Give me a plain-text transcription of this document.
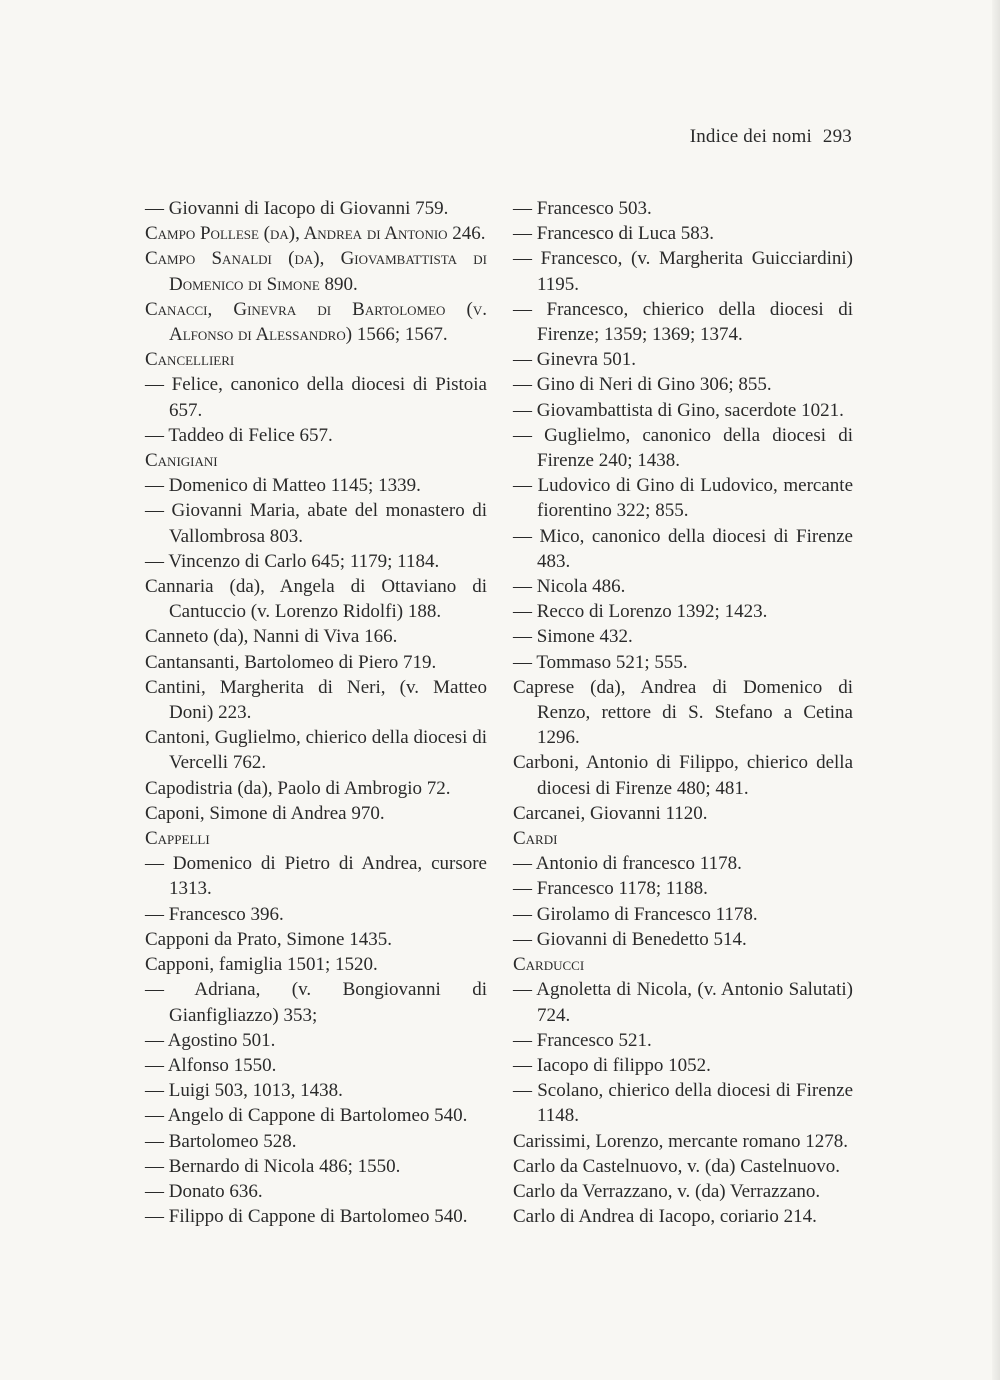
Indice dei nomi 293
— Giovanni di Iacopo di Giovanni 759.
Campo Pollese (da), Andrea di Antonio 246.
Campo Sanaldi (da), Giovambattista di Domenico di Simone 890.
Canacci, Ginevra di Bartolomeo (v. Alfonso di Alessandro) 1566; 1567.
Cancellieri
— Felice, canonico della diocesi di Pistoia 657.
— Taddeo di Felice 657.
Canigiani
— Domenico di Matteo 1145; 1339.
— Giovanni Maria, abate del monastero di Vallombrosa 803.
— Vincenzo di Carlo 645; 1179; 1184.
Cannaria (da), Angela di Ottaviano di Cantuccio (v. Lorenzo Ridolfi) 188.
Canneto (da), Nanni di Viva 166.
Cantansanti, Bartolomeo di Piero 719.
Cantini, Margherita di Neri, (v. Matteo Doni) 223.
Cantoni, Guglielmo, chierico della diocesi di Vercelli 762.
Capodistria (da), Paolo di Ambrogio 72.
Caponi, Simone di Andrea 970.
Cappelli
— Domenico di Pietro di Andrea, cursore 1313.
— Francesco 396.
Capponi da Prato, Simone 1435.
Capponi, famiglia 1501; 1520.
— Adriana, (v. Bongiovanni di Gianfigliazzo) 353;
— Agostino 501.
— Alfonso 1550.
— Luigi 503, 1013, 1438.
— Angelo di Cappone di Bartolomeo 540.
— Bartolomeo 528.
— Bernardo di Nicola 486; 1550.
— Donato 636.
— Filippo di Cappone di Bartolomeo 540.
— Francesco 503.
— Francesco di Luca 583.
— Francesco, (v. Margherita Guicciardini) 1195.
— Francesco, chierico della diocesi di Firenze; 1359; 1369; 1374.
— Ginevra 501.
— Gino di Neri di Gino 306; 855.
— Giovambattista di Gino, sacerdote 1021.
— Guglielmo, canonico della diocesi di Firenze 240; 1438.
— Ludovico di Gino di Ludovico, mercante fiorentino 322; 855.
— Mico, canonico della diocesi di Firenze 483.
— Nicola 486.
— Recco di Lorenzo 1392; 1423.
— Simone 432.
— Tommaso 521; 555.
Caprese (da), Andrea di Domenico di Renzo, rettore di S. Stefano a Cetina 1296.
Carboni, Antonio di Filippo, chierico della diocesi di Firenze 480; 481.
Carcanei, Giovanni 1120.
Cardi
— Antonio di francesco 1178.
— Francesco 1178; 1188.
— Girolamo di Francesco 1178.
— Giovanni di Benedetto 514.
Carducci
— Agnoletta di Nicola, (v. Antonio Salutati) 724.
— Francesco 521.
— Iacopo di filippo 1052.
— Scolano, chierico della diocesi di Firenze 1148.
Carissimi, Lorenzo, mercante romano 1278.
Carlo da Castelnuovo, v. (da) Castelnuovo.
Carlo da Verrazzano, v. (da) Verrazzano.
Carlo di Andrea di Iacopo, coriario 214.
